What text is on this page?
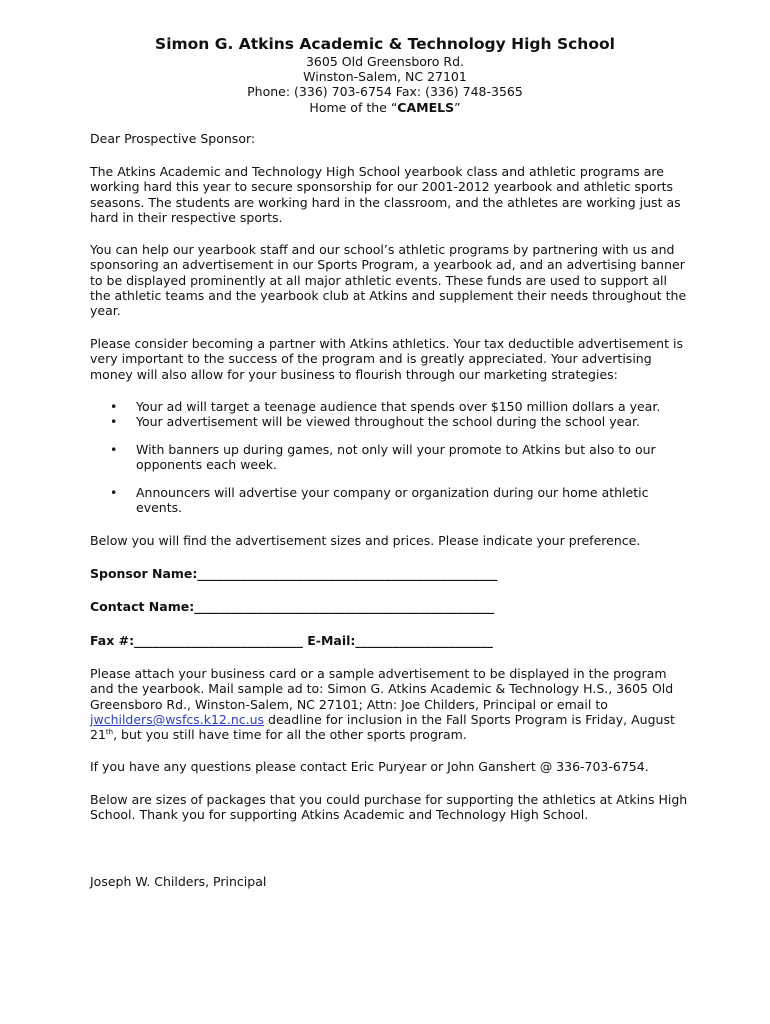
Simon G. Atkins Academic & Technology High School

3605 Old Greensboro Rd.

Winston-Salem, NC 27101

Phone: (336) 703-6754 Fax: (336) 748-3565

Home of the “CAMELS”

Dear Prospective Sponsor:

The Atkins Academic and Technology High School yearbook class and athletic programs are working hard this year to secure sponsorship for our 2001-2012 yearbook and athletic sports seasons. The students are working hard in the classroom, and the athletes are working just as hard in their respective sports.

You can help our yearbook staff and our school’s athletic programs by partnering with us and sponsoring an advertisement in our Sports Program, a yearbook ad, and an advertising banner to be displayed prominently at all major athletic events. These funds are used to support all the athletic teams and the yearbook club at Atkins and supplement their needs throughout the year.

Please consider becoming a partner with Atkins athletics. Your tax deductible advertisement is very important to the success of the program and is greatly appreciated. Your advertising money will also allow for your business to flourish through our marketing strategies:

• Your ad will target a teenage audience that spends over $150 million dollars a year.
• Your advertisement will be viewed throughout the school during the school year.
• With banners up during games, not only will your promote to Atkins but also to our opponents each week.
• Announcers will advertise your company or organization during our home athletic events.

Below you will find the advertisement sizes and prices. Please indicate your preference.

Sponsor Name:________________________________________________
Contact Name:________________________________________________
Fax #:___________________________ E-Mail:______________________

Please attach your business card or a sample advertisement to be displayed in the program and the yearbook. Mail sample ad to: Simon G. Atkins Academic & Technology H.S., 3605 Old Greensboro Rd., Winston-Salem, NC 27101; Attn: Joe Childers, Principal or email to jwchilders@wsfcs.k12.nc.us deadline for inclusion in the Fall Sports Program is Friday, August 21th, but you still have time for all the other sports program.

If you have any questions please contact Eric Puryear or John Ganshert @ 336-703-6754.

Below are sizes of packages that you could purchase for supporting the athletics at Atkins High School. Thank you for supporting Atkins Academic and Technology High School.

Joseph W. Childers, Principal
